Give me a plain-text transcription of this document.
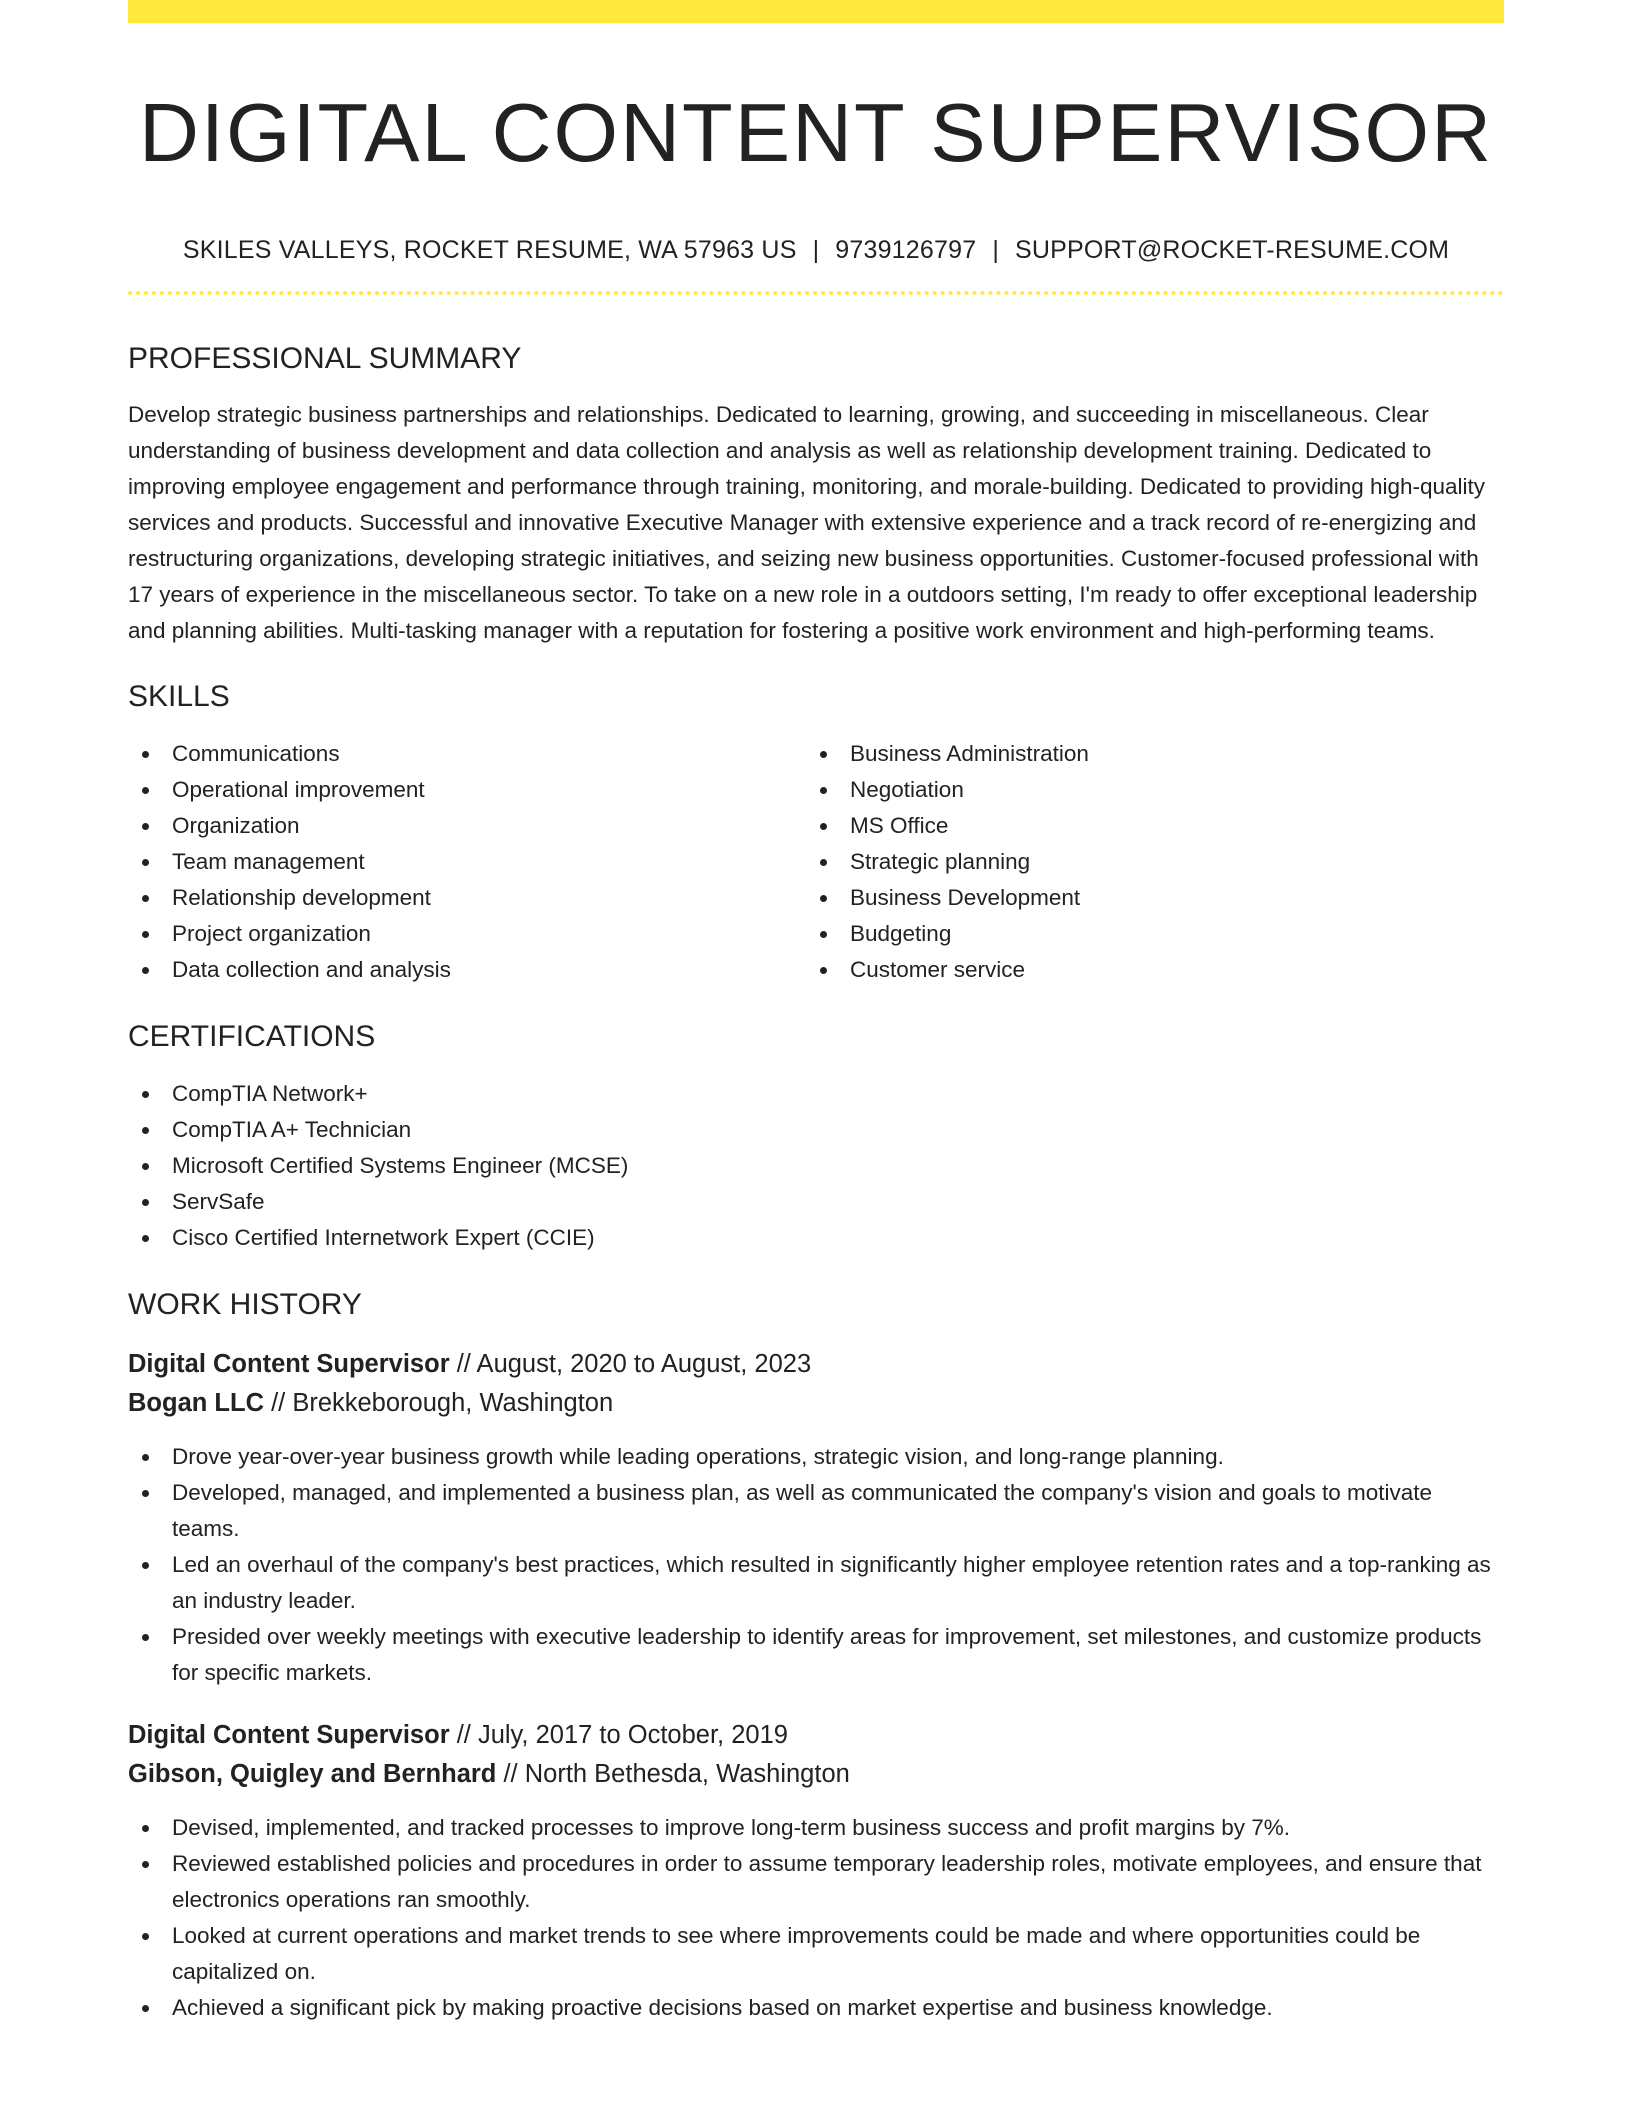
DIGITAL CONTENT SUPERVISOR
SKILES VALLEYS, ROCKET RESUME, WA 57963 US | 9739126797 | SUPPORT@ROCKET-RESUME.COM
PROFESSIONAL SUMMARY

Develop strategic business partnerships and relationships. Dedicated to learning, growing, and succeeding in miscellaneous. Clear understanding of business development and data collection and analysis as well as relationship development training. Dedicated to improving employee engagement and performance through training, monitoring, and morale-building. Dedicated to providing high-quality services and products. Successful and innovative Executive Manager with extensive experience and a track record of re-energizing and restructuring organizations, developing strategic initiatives, and seizing new business opportunities. Customer-focused professional with 17 years of experience in the miscellaneous sector. To take on a new role in a outdoors setting, I'm ready to offer exceptional leadership and planning abilities. Multi-tasking manager with a reputation for fostering a positive work environment and high-performing teams.

SKILLS
Communications
Operational improvement
Organization
Team management
Relationship development
Project organization
Data collection and analysis
Business Administration
Negotiation
MS Office
Strategic planning
Business Development
Budgeting
Customer service
CERTIFICATIONS
CompTIA Network+
CompTIA A+ Technician
Microsoft Certified Systems Engineer (MCSE)
ServSafe
Cisco Certified Internetwork Expert (CCIE)
WORK HISTORY
Digital Content Supervisor // August, 2020 to August, 2023
Bogan LLC // Brekkeborough, Washington
Drove year-over-year business growth while leading operations, strategic vision, and long-range planning.
Developed, managed, and implemented a business plan, as well as communicated the company's vision and goals to motivate teams.
Led an overhaul of the company's best practices, which resulted in significantly higher employee retention rates and a top-ranking as an industry leader.
Presided over weekly meetings with executive leadership to identify areas for improvement, set milestones, and customize products for specific markets.
Digital Content Supervisor // July, 2017 to October, 2019
Gibson, Quigley and Bernhard // North Bethesda, Washington
Devised, implemented, and tracked processes to improve long-term business success and profit margins by 7%.
Reviewed established policies and procedures in order to assume temporary leadership roles, motivate employees, and ensure that electronics operations ran smoothly.
Looked at current operations and market trends to see where improvements could be made and where opportunities could be capitalized on.
Achieved a significant pick by making proactive decisions based on market expertise and business knowledge.
